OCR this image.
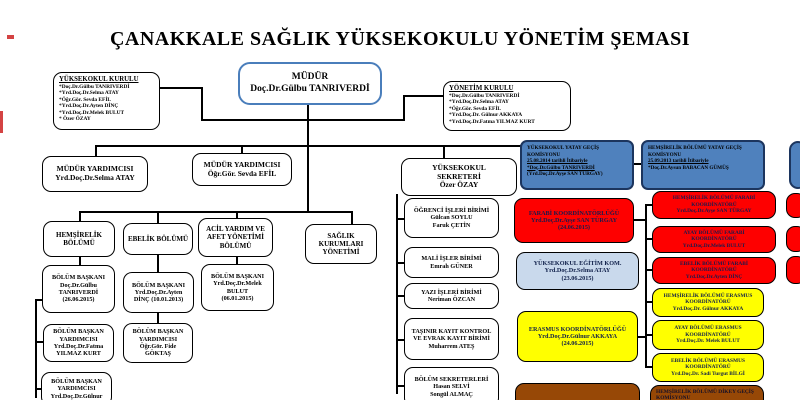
ÇANAKKALE SAĞLIK YÜKSEKOKULU YÖNETİM ŞEMASI
YÜKSEKOKUL KURULU
*Doç.Dr.Gülbu TANRIVERDİ
*Yrd.Doç.Dr.Selma ATAY
*Öğr.Gör. Sevda EFİL
*Yrd.Doç.Dr.Ayten DİNÇ
*Yrd.Doç.Dr.Melek BULUT
* Özer ÖZAY
MÜDÜR
Doç.Dr.Gülbu TANRIVERDİ	YÖNETİM KURULU
*Doç.Dr.Gülbu TANRIVERDİ
*Yrd.Doç.Dr.Selma ATAY
*Öğr.Gör. Sevda EFİL
*Yrd.Doç.Dr. Gülnur AKKAYA
*Yrd.Doç.Dr.Fatma YILMAZ KURT
MÜDÜR YARDIMCISI
Yrd.Doç.Dr.Selma ATAY
MÜDÜR YARDIMCISI
Öğr.Gör. Sevda EFİL
YÜKSEKOKUL
SEKRETERİ
Özer ÖZAY
HEMŞİRELİK
BÖLÜMÜ
EBELİK BÖLÜMÜ
ACİL YARDIM VE
AFET YÖNETİMİ
BÖLÜMÜ
SAĞLIK
KURUMLARI
YÖNETİMİ
BÖLÜM BAŞKANI
Doç.Dr.Gülbu
TANRIVERDİ
(26.06.2015)
BÖLÜM BAŞKANI
Yrd.Doç.Dr.Ayten
DİNÇ (10.01.2013)
BÖLÜM BAŞKANI
Yrd.Doç.Dr.Melek
BULUT
(06.01.2015)
BÖLÜM BAŞKAN
YARDIMCISI
Yrd.Doç.Dr.Fatma
YILMAZ KURT
BÖLÜM BAŞKAN
YARDIMCISI
Öğr.Gör. Fide
GÖKTAŞ
BÖLÜM BAŞKAN
YARDIMCISI
Yrd.Doç.Dr.Gülnur
ÖĞRENCİ İŞLERİ BİRİMİ
Gülcan SOYLU
Faruk ÇETİN
MALİ İŞLER BİRİMİ
Emrah GÜNER
YAZI İŞLERİ BİRİMİ
Neriman ÖZCAN
TAŞINIR KAYIT KONTROL
VE EVRAK KAYIT BİRİMİ
Muharrem ATEŞ
BÖLÜM SEKRETERLERİ
Hasan SELVİ
Songül ALMAÇ
YÜKSEKOKUL YATAY GEÇİŞ
KOMİSYONU
25.08.2014 tarihli İtibariyle
*Doç.Dr.Gülbu TANRIVERDİ
(Yrd.Doç.Dr.Ayşe SAN TÜRGAY)
HEMŞİRELİK BÖLÜMÜ YATAY GEÇİŞ
KOMİSYONU
25.09.2013 tarihli İtibariyle
*Doç.Dr.Aysun BABACAN GÜMÜŞ
FARABİ KOORDİNATÖRLÜĞÜ
Yrd.Doç.Dr.Ayşe SAN TÜRGAY
(24.06.2015)
YÜKSEKOKUL EĞİTİM KOM.
Yrd.Doç.Dr.Selma ATAY
(23.06.2015)
ERASMUS KOORDİNATÖRLÜĞÜ
Yrd.Doç.Dr.Gülnur AKKAYA
(24.06.2015)
HEMŞİRELİK BÖLÜMÜ FARABİ
KOORDİNATÖRÜ
Yrd.Doç.Dr.Ayşe SAN TÜRGAY
AYAY BÖLÜMÜ FARABİ
KOORDİNATÖRÜ
Yrd.Doç.Dr.Melek BULUT
EBELİK BÖLÜMÜ FARABİ
KOORDİNATÖRÜ
Yrd.Doç.Dr.Ayten DİNÇ
HEMŞİRELİK BÖLÜMÜ ERASMUS
KOORDİNATÖRÜ
Yrd.Doç.Dr. Gülnur AKKAYA
AYAY BÖLÜMÜ ERASMUS
KOORDİNATÖRÜ
Yrd.Doç.Dr. Melek BULUT
EBELİK BÖLÜMÜ ERASMUS
KOORDİNATÖRÜ
Yrd.Doç.Dr. Sadi Turgut BİLGİ
HEMŞİRELİK BÖLÜMÜ DİKEY GEÇİŞ
KOMİSYONU
